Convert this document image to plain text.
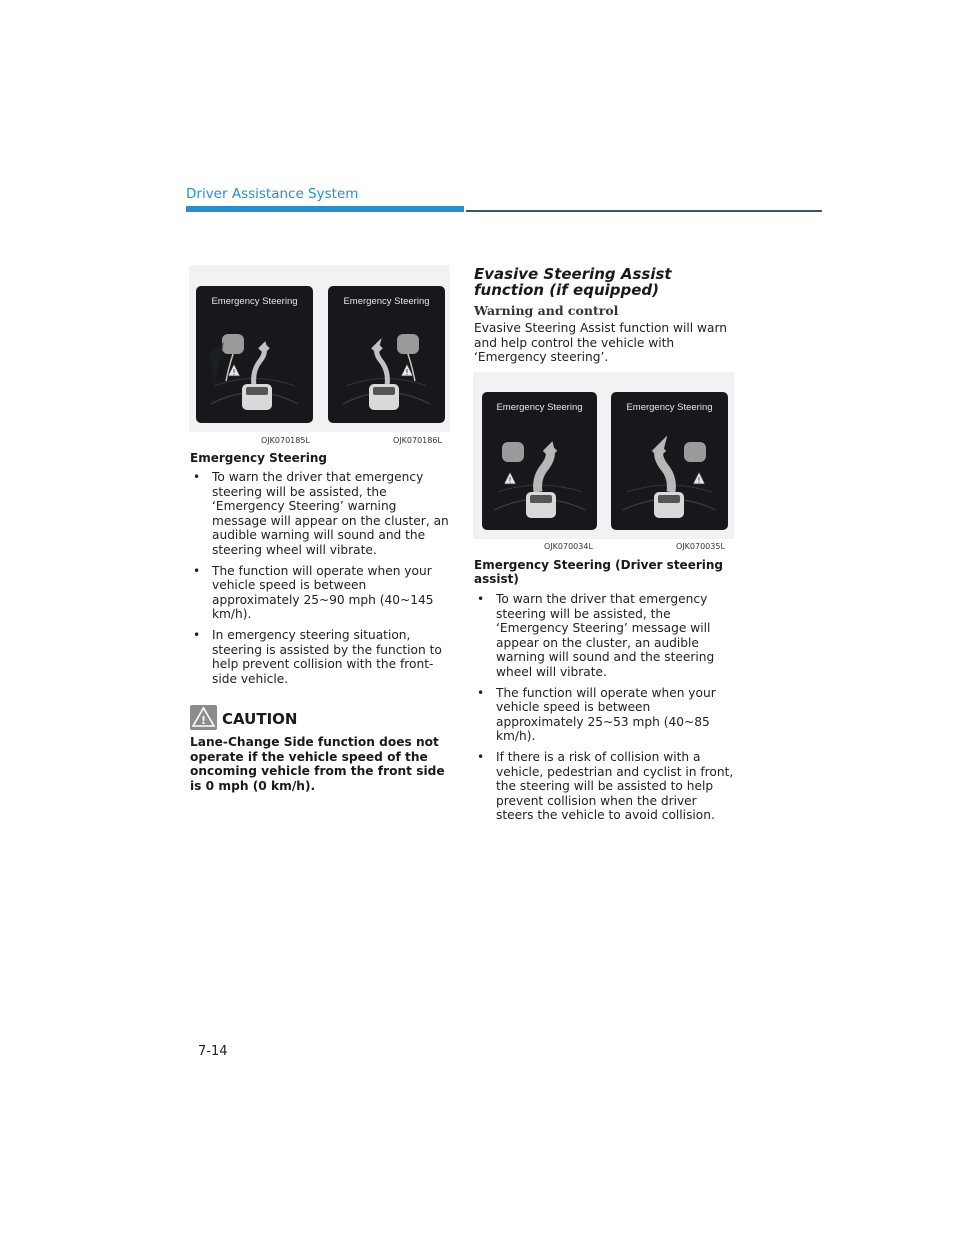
Driver Assistance System
Emergency Steering
!
Emergency Steering
!
OJK070185L	OJK070186L
Emergency Steering
• To warn the driver that emergency steering will be assisted, the ‘Emergency Steering’ warning message will appear on the cluster, an audible warning will sound and the steering wheel will vibrate.
• The function will operate when your vehicle speed is between approximately 25~90 mph (40~145 km/h).
• In emergency steering situation, steering is assisted by the function to help prevent collision with the front-side vehicle.
! CAUTION
Lane-Change Side function does not operate if the vehicle speed of the oncoming vehicle from the front side is 0 mph (0 km/h).
Evasive Steering Assist function (if equipped)
Warning and control
Evasive Steering Assist function will warn and help control the vehicle with ‘Emergency steering’.
Emergency Steering
!
Emergency Steering
!
OJK070034L	OJK070035L
Emergency Steering (Driver steering assist)
• To warn the driver that emergency steering will be assisted, the ‘Emergency Steering’ message will appear on the cluster, an audible warning will sound and the steering wheel will vibrate.
• The function will operate when your vehicle speed is between approximately 25~53 mph (40~85 km/h).
• If there is a risk of collision with a vehicle, pedestrian and cyclist in front, the steering will be assisted to help prevent collision when the driver steers the vehicle to avoid collision.
7-14
